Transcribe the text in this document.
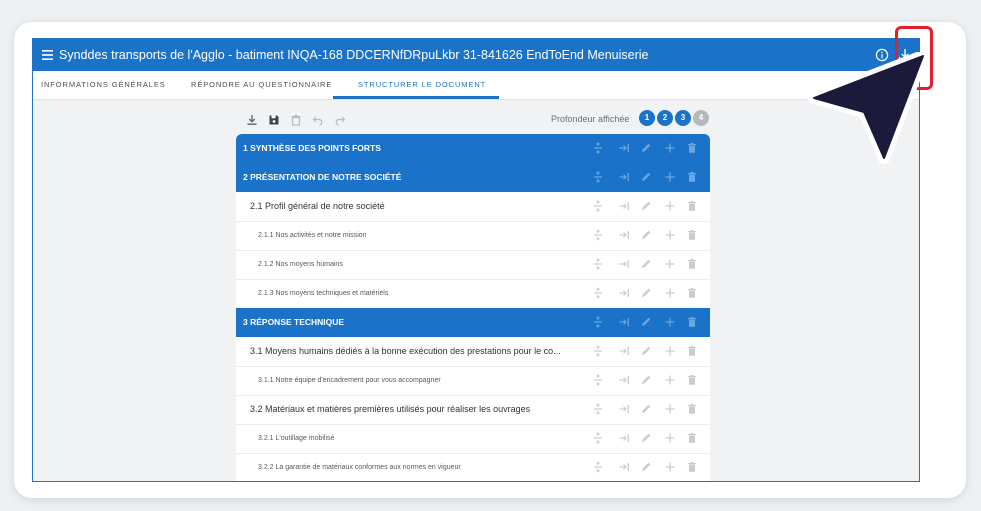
Synddes transports de l'Agglo - batiment INQA-168 DDCERNfDRpuLkbr 31-841626 EndToEnd Menuiserie
INFORMATIONS GÉNÉRALES	RÉPONDRE AU QUESTIONNAIRE	STRUCTURER LE DOCUMENT
Profondeur affichée	1	2	3	4
1 SYNTHÈSE DES POINTS FORTS
2 PRÉSENTATION DE NOTRE SOCIÉTÉ
2.1 Profil général de notre société
2.1.1 Nos activités et notre mission
2.1.2 Nos moyens humains
2.1.3 Nos moyens techniques et matériels
3 RÉPONSE TECHNIQUE
3.1 Moyens humains dédiés à la bonne exécution des prestations pour le co...
3.1.1 Notre équipe d'encadrement pour vous accompagner
3.2 Matériaux et matières premières utilisés pour réaliser les ouvrages
3.2.1 L'outillage mobilisé
3.2.2 La garantie de matériaux conformes aux normes en vigueur
